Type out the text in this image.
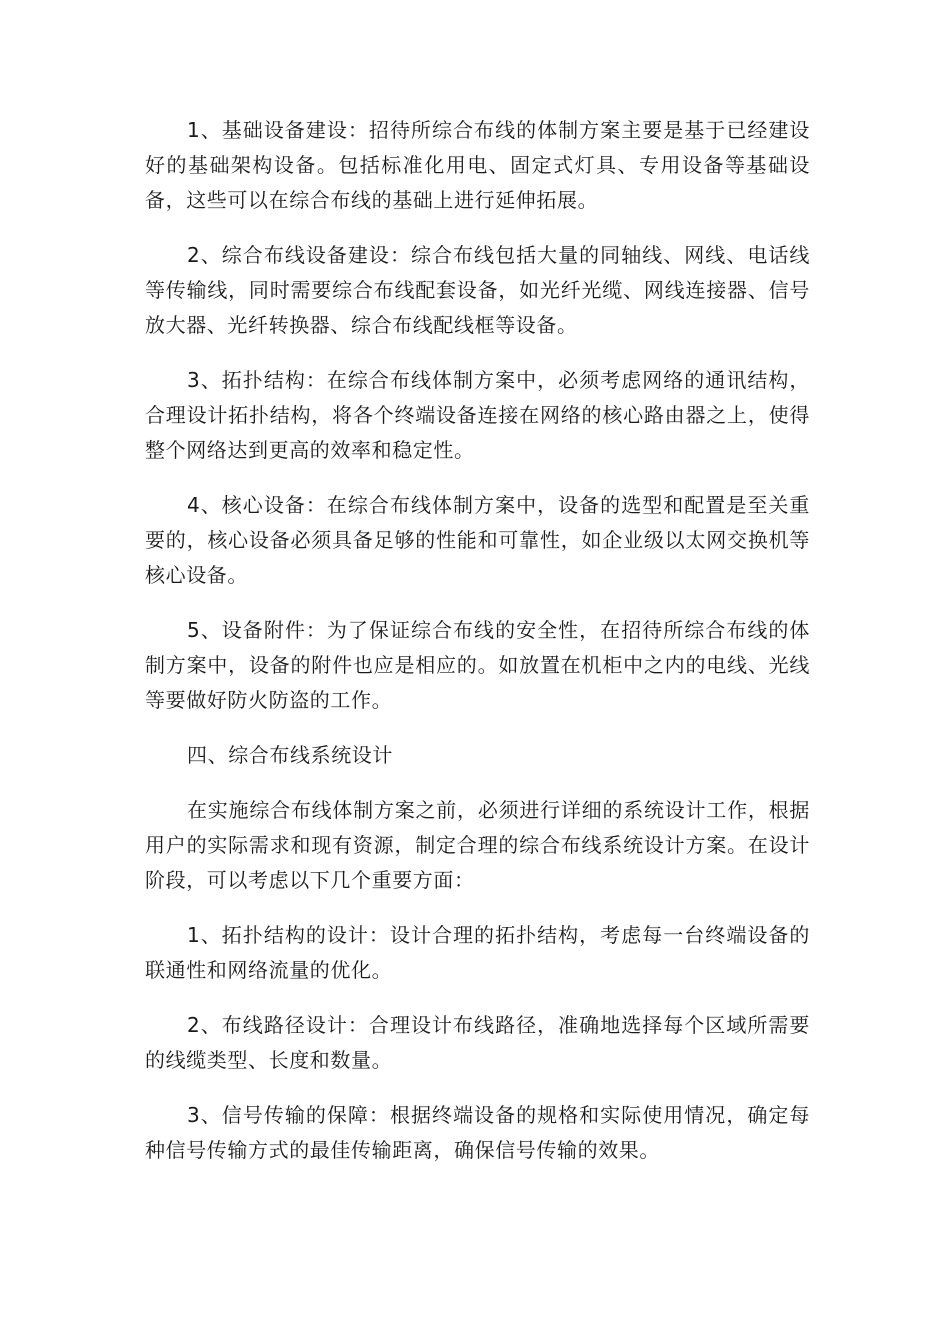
1、基础设备建设：招待所综合布线的体制方案主要是基于已经建设好的基础架构设备。包括标准化用电、固定式灯具、专用设备等基础设备，这些可以在综合布线的基础上进行延伸拓展。

2、综合布线设备建设：综合布线包括大量的同轴线、网线、电话线等传输线，同时需要综合布线配套设备，如光纤光缆、网线连接器、信号放大器、光纤转换器、综合布线配线框等设备。

3、拓扑结构：在综合布线体制方案中，必须考虑网络的通讯结构，合理设计拓扑结构，将各个终端设备连接在网络的核心路由器之上，使得整个网络达到更高的效率和稳定性。

4、核心设备：在综合布线体制方案中，设备的选型和配置是至关重要的，核心设备必须具备足够的性能和可靠性，如企业级以太网交换机等核心设备。

5、设备附件：为了保证综合布线的安全性，在招待所综合布线的体制方案中，设备的附件也应是相应的。如放置在机柜中之内的电线、光线等要做好防火防盗的工作。

四、综合布线系统设计

在实施综合布线体制方案之前，必须进行详细的系统设计工作，根据用户的实际需求和现有资源，制定合理的综合布线系统设计方案。在设计阶段，可以考虑以下几个重要方面：

1、拓扑结构的设计：设计合理的拓扑结构，考虑每一台终端设备的联通性和网络流量的优化。

2、布线路径设计：合理设计布线路径，准确地选择每个区域所需要的线缆类型、长度和数量。

3、信号传输的保障：根据终端设备的规格和实际使用情况，确定每种信号传输方式的最佳传输距离，确保信号传输的效果。
